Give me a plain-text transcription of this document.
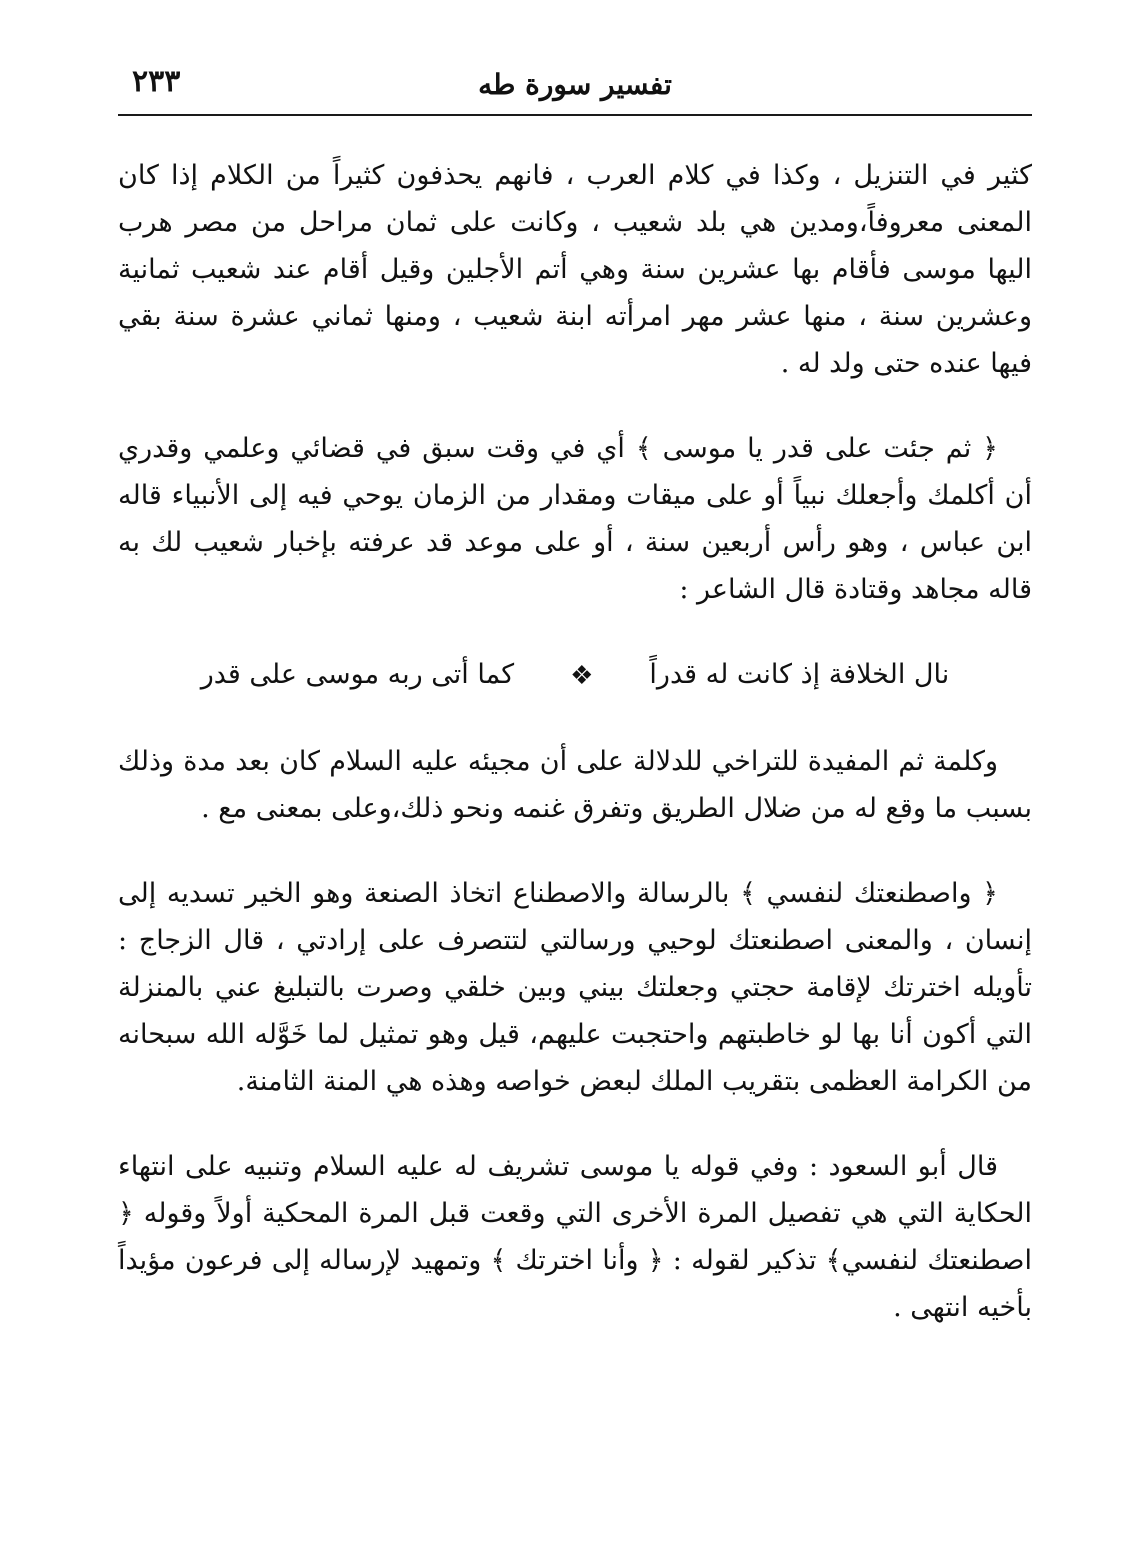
تفسير سورة طه
٢٣٣

كثير في التنزيل ، وكذا في كلام العرب ، فانهم يحذفون كثيراً من الكلام إذا كان المعنى معروفاً،ومدين هي بلد شعيب ، وكانت على ثمان مراحل من مصر هرب اليها موسى فأقام بها عشرين سنة وهي أتم الأجلين وقيل أقام عند شعيب ثمانية وعشرين سنة ، منها عشر مهر امرأته ابنة شعيب ، ومنها ثماني عشرة سنة بقي فيها عنده حتى ولد له .

﴿ ثم جئت على قدر يا موسى ﴾ أي في وقت سبق في قضائي وعلمي وقدري أن أكلمك وأجعلك نبياً أو على ميقات ومقدار من الزمان يوحي فيه إلى الأنبياء قاله ابن عباس ، وهو رأس أربعين سنة ، أو على موعد قد عرفته بإخبار شعيب لك به قاله مجاهد وقتادة قال الشاعر :

نال الخلافة إذ كانت له قدراً
❖
كما أتى ربه موسى على قدر

وكلمة ثم المفيدة للتراخي للدلالة على أن مجيئه عليه السلام كان بعد مدة وذلك بسبب ما وقع له من ضلال الطريق وتفرق غنمه ونحو ذلك،وعلى بمعنى مع .

﴿ واصطنعتك لنفسي ﴾ بالرسالة والاصطناع اتخاذ الصنعة وهو الخير تسديه إلى إنسان ، والمعنى اصطنعتك لوحيي ورسالتي لتتصرف على إرادتي ، قال الزجاج : تأويله اخترتك لإقامة حجتي وجعلتك بيني وبين خلقي وصرت بالتبليغ عني بالمنزلة التي أكون أنا بها لو خاطبتهم واحتجبت عليهم، قيل وهو تمثيل لما خَوَّله الله سبحانه من الكرامة العظمى بتقريب الملك لبعض خواصه وهذه هي المنة الثامنة.

قال أبو السعود : وفي قوله يا موسى تشريف له عليه السلام وتنبيه على انتهاء الحكاية التي هي تفصيل المرة الأخرى التي وقعت قبل المرة المحكية أولاً وقوله ﴿ اصطنعتك لنفسي﴾ تذكير لقوله : ﴿ وأنا اخترتك ﴾ وتمهيد لإرساله إلى فرعون مؤيداً بأخيه انتهى .
